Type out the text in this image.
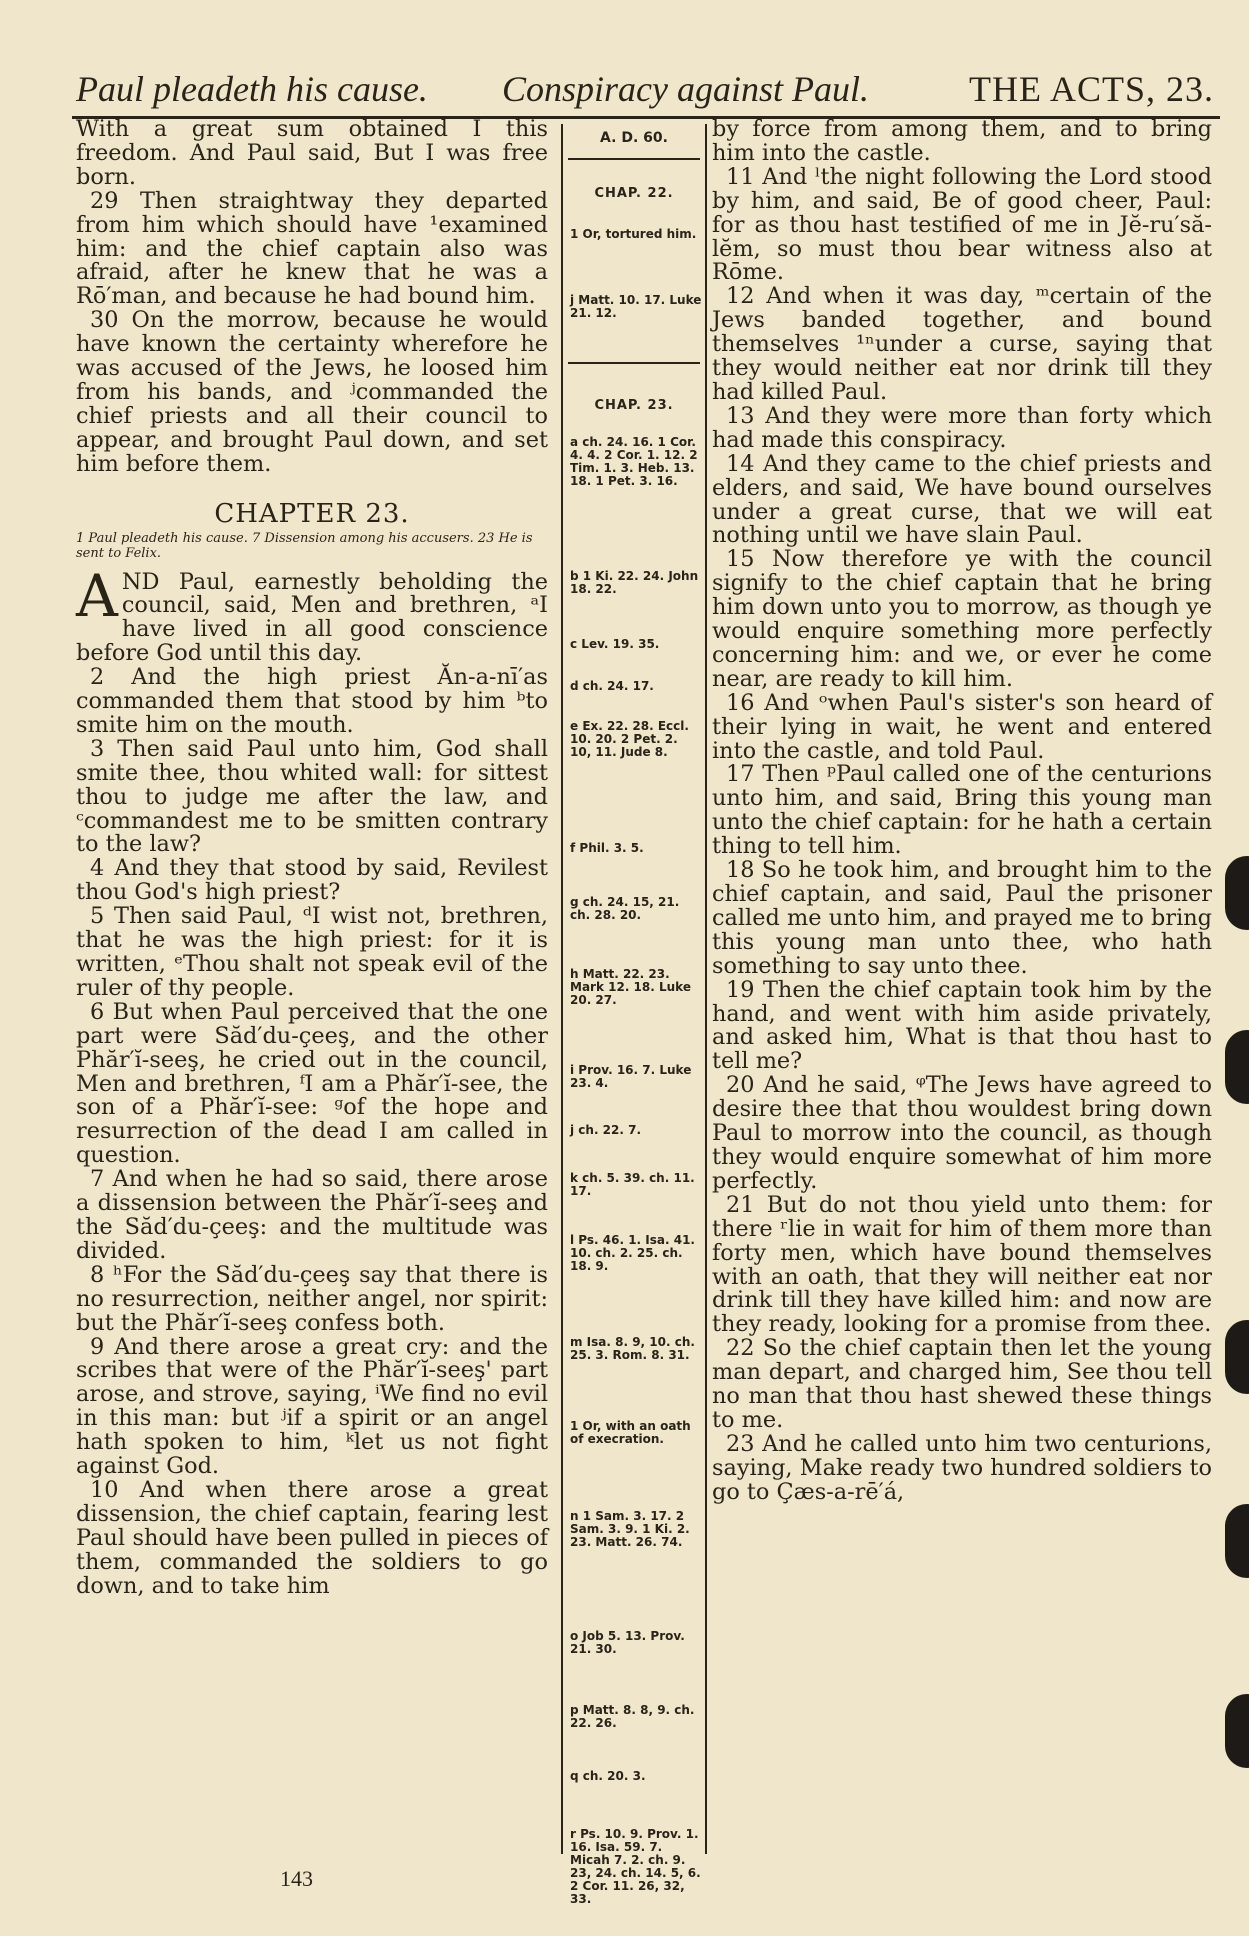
Paul pleadeth his cause. Conspiracy against Paul.	THE ACTS, 23.

With a great sum obtained I this freedom. And Paul said, But I was free born.

29 Then straightway they departed from him which should have ¹examined him: and the chief captain also was afraid, after he knew that he was a Rō′man, and because he had bound him.

30 On the morrow, because he would have known the certainty wherefore he was accused of the Jews, he loosed him from his bands, and ʲcommanded the chief priests and all their council to appear, and brought Paul down, and set him before them.

CHAPTER 23.
1 Paul pleadeth his cause. 7 Dissension among his accusers. 23 He is sent to Felix.

AND Paul, earnestly beholding the council, said, Men and brethren, ᵃI have lived in all good conscience before God until this day.

2 And the high priest Ăn-a-nī′as commanded them that stood by him ᵇto smite him on the mouth.

3 Then said Paul unto him, God shall smite thee, thou whited wall: for sittest thou to judge me after the law, and ᶜcommandest me to be smitten contrary to the law?

4 And they that stood by said, Revilest thou God's high priest?

5 Then said Paul, ᵈI wist not, brethren, that he was the high priest: for it is written, ᵉThou shalt not speak evil of the ruler of thy people.

6 But when Paul perceived that the one part were Săd′du-çeeş, and the other Phăr′ĭ-seeş, he cried out in the council, Men and brethren, ᶠI am a Phăr′ĭ-see, the son of a Phăr′ĭ-see: ᵍof the hope and resurrection of the dead I am called in question.

7 And when he had so said, there arose a dissension between the Phăr′ĭ-seeş and the Săd′du-çeeş: and the multitude was divided.

8 ʰFor the Săd′du-çeeş say that there is no resurrection, neither angel, nor spirit: but the Phăr′ĭ-seeş confess both.

9 And there arose a great cry: and the scribes that were of the Phăr′ĭ-seeş' part arose, and strove, saying, ⁱWe find no evil in this man: but ʲif a spirit or an angel hath spoken to him, ᵏlet us not fight against God.

10 And when there arose a great dissension, the chief captain, fearing lest Paul should have been pulled in pieces of them, commanded the soldiers to go down, and to take him

A. D. 60.
CHAP. 22.
CHAP. 23.
1 Or, tortured him.
j Matt. 10. 17. Luke 21. 12.
a ch. 24. 16. 1 Cor. 4. 4. 2 Cor. 1. 12. 2 Tim. 1. 3. Heb. 13. 18. 1 Pet. 3. 16.
b 1 Ki. 22. 24. John 18. 22.
c Lev. 19. 35.
d ch. 24. 17.
e Ex. 22. 28. Eccl. 10. 20. 2 Pet. 2. 10, 11. Jude 8.
f Phil. 3. 5.
g ch. 24. 15, 21. ch. 28. 20.
h Matt. 22. 23. Mark 12. 18. Luke 20. 27.
i Prov. 16. 7. Luke 23. 4.
j ch. 22. 7.
k ch. 5. 39. ch. 11. 17.
l Ps. 46. 1. Isa. 41. 10. ch. 2. 25. ch. 18. 9.
m Isa. 8. 9, 10. ch. 25. 3. Rom. 8. 31.
1 Or, with an oath of execration.
n 1 Sam. 3. 17. 2 Sam. 3. 9. 1 Ki. 2. 23. Matt. 26. 74.
o Job 5. 13. Prov. 21. 30.
p Matt. 8. 8, 9. ch. 22. 26.
q ch. 20. 3.
r Ps. 10. 9. Prov. 1. 16. Isa. 59. 7. Micah 7. 2. ch. 9. 23, 24. ch. 14. 5, 6. 2 Cor. 11. 26, 32, 33.

by force from among them, and to bring him into the castle.

11 And ˡthe night following the Lord stood by him, and said, Be of good cheer, Paul: for as thou hast testified of me in Jĕ-ru′să-lĕm, so must thou bear witness also at Rōme.

12 And when it was day, ᵐcertain of the Jews banded together, and bound themselves ¹ⁿunder a curse, saying that they would neither eat nor drink till they had killed Paul.

13 And they were more than forty which had made this conspiracy.

14 And they came to the chief priests and elders, and said, We have bound ourselves under a great curse, that we will eat nothing until we have slain Paul.

15 Now therefore ye with the council signify to the chief captain that he bring him down unto you to morrow, as though ye would enquire something more perfectly concerning him: and we, or ever he come near, are ready to kill him.

16 And ᵒwhen Paul's sister's son heard of their lying in wait, he went and entered into the castle, and told Paul.

17 Then ᵖPaul called one of the centurions unto him, and said, Bring this young man unto the chief captain: for he hath a certain thing to tell him.

18 So he took him, and brought him to the chief captain, and said, Paul the prisoner called me unto him, and prayed me to bring this young man unto thee, who hath something to say unto thee.

19 Then the chief captain took him by the hand, and went with him aside privately, and asked him, What is that thou hast to tell me?

20 And he said, ᵠThe Jews have agreed to desire thee that thou wouldest bring down Paul to morrow into the council, as though they would enquire somewhat of him more perfectly.

21 But do not thou yield unto them: for there ʳlie in wait for him of them more than forty men, which have bound themselves with an oath, that they will neither eat nor drink till they have killed him: and now are they ready, looking for a promise from thee.

22 So the chief captain then let the young man depart, and charged him, See thou tell no man that thou hast shewed these things to me.

23 And he called unto him two centurions, saying, Make ready two hundred soldiers to go to Çæs-a-rē′á,

143
